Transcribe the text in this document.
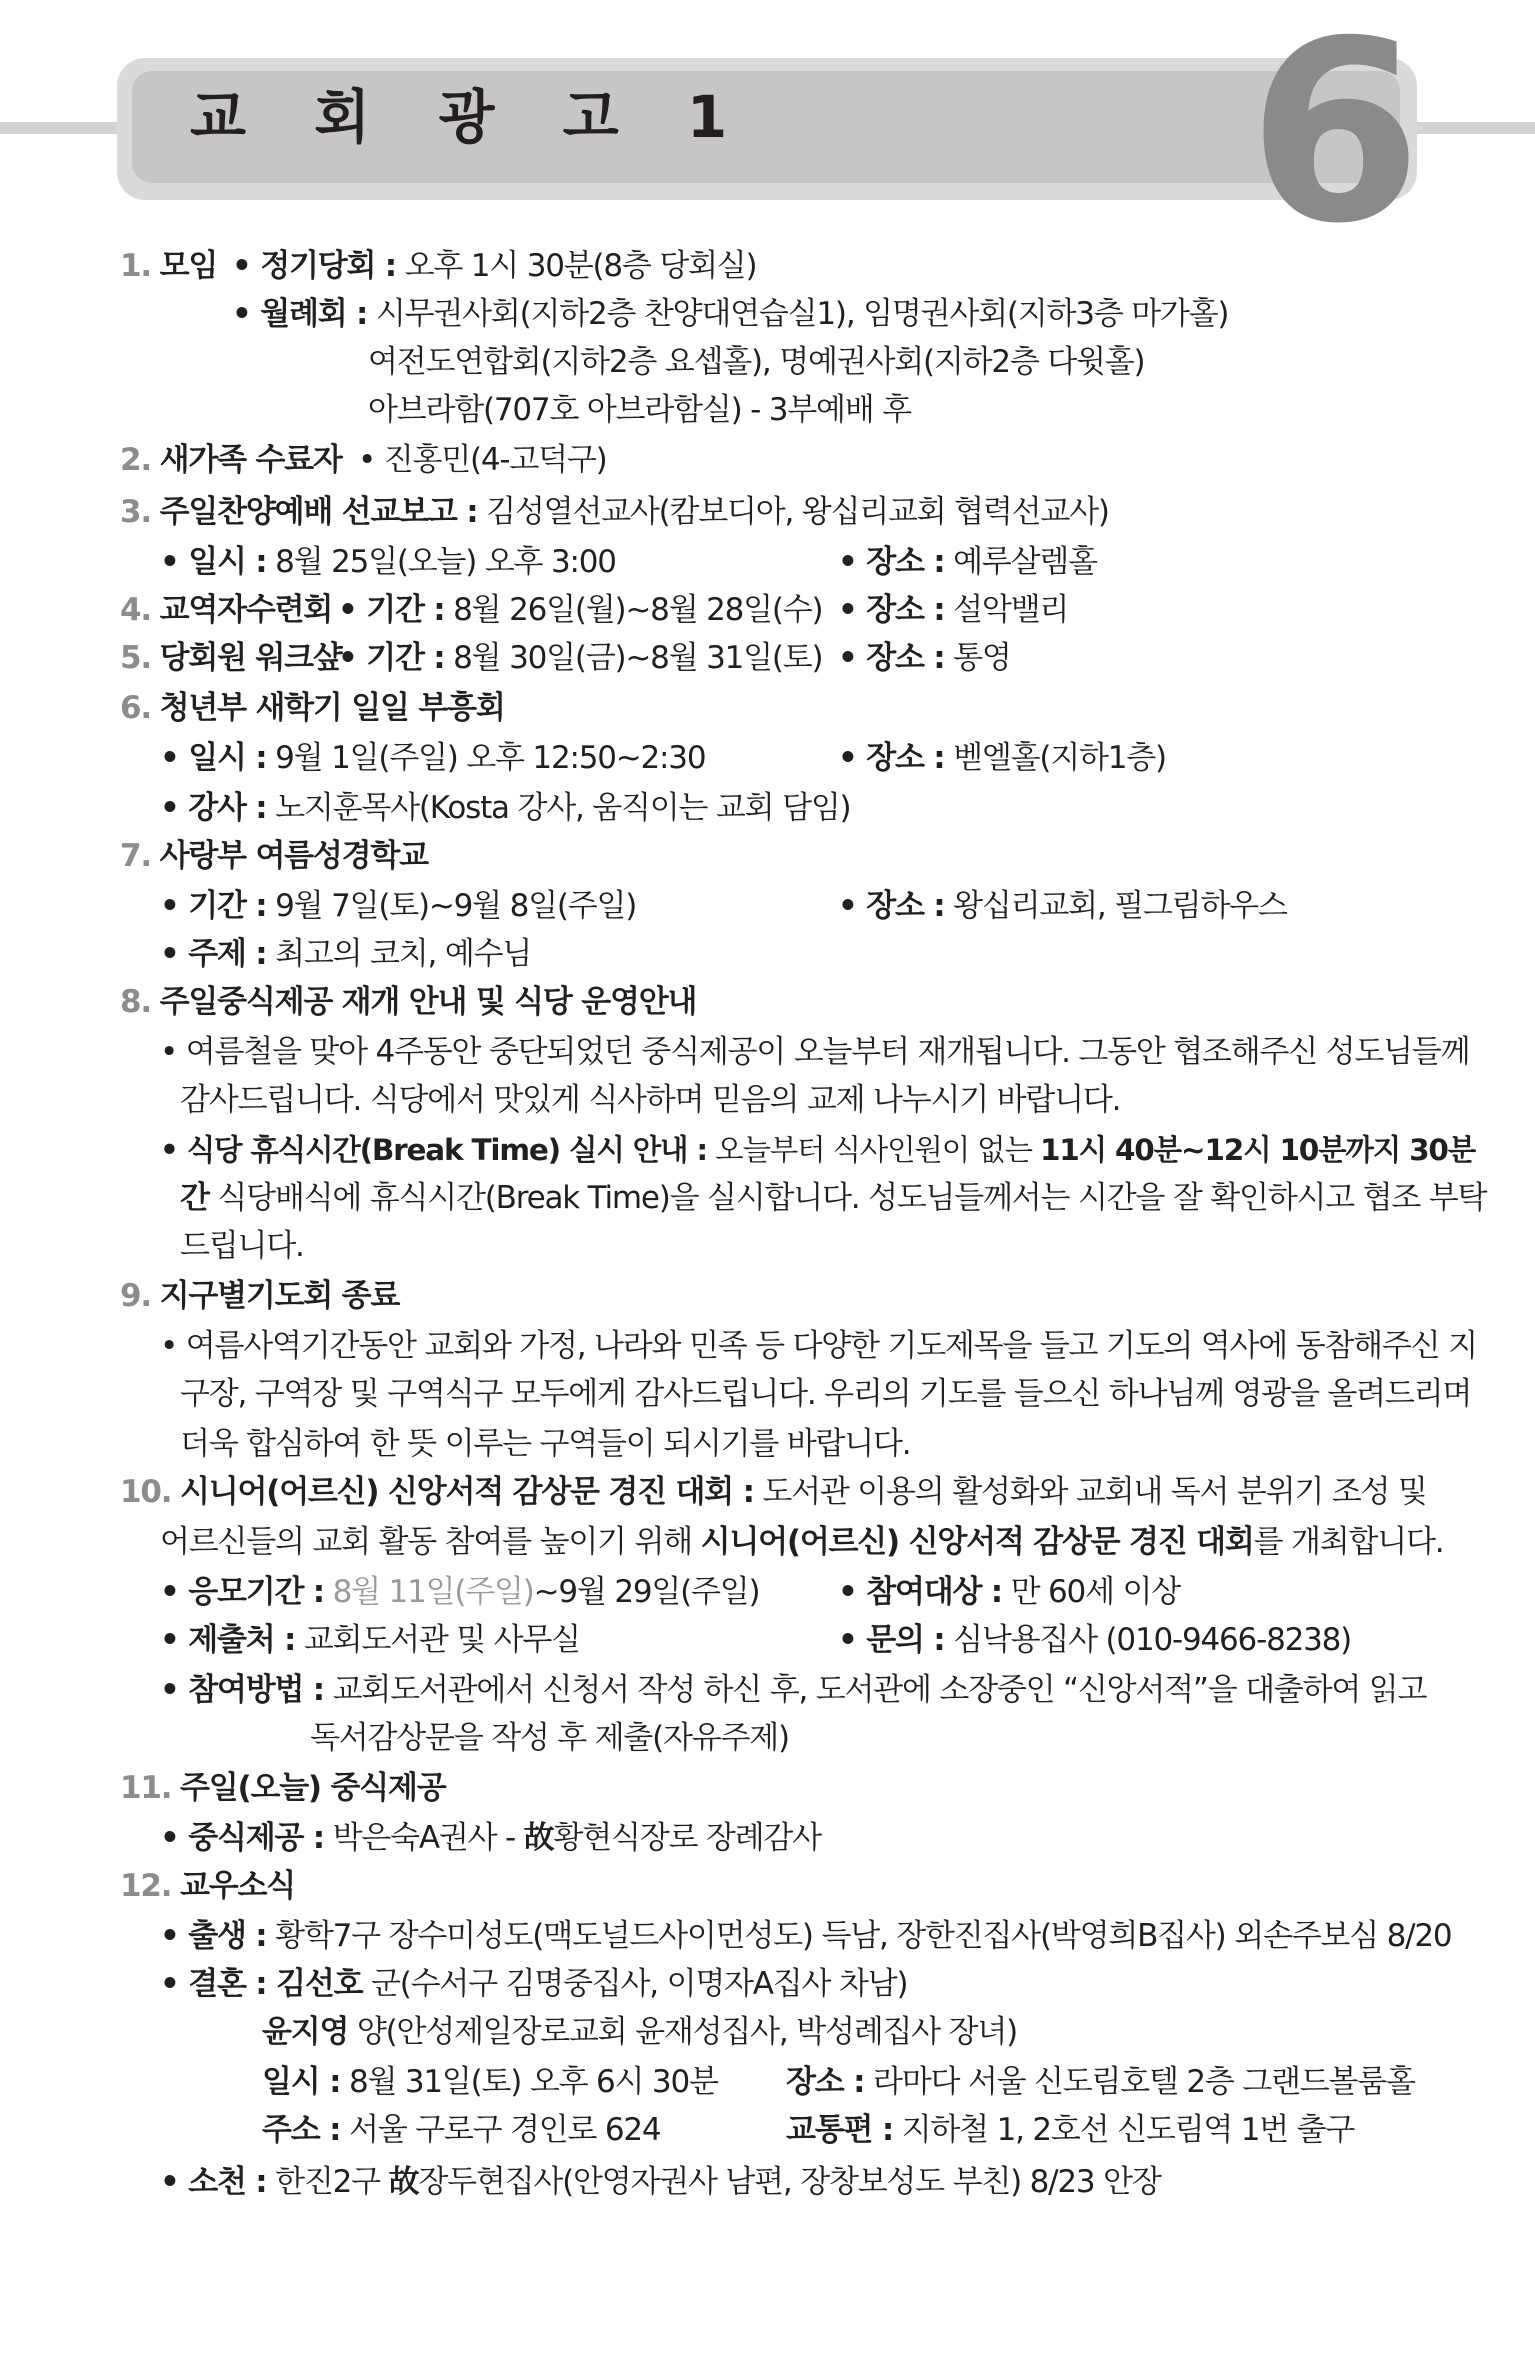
교 회 광 고 1 6
1. 모임 • 정기당회 : 오후 1시 30분(8층 당회실)
• 월례회 : 시무권사회(지하2층 찬양대연습실1), 임명권사회(지하3층 마가홀)
여전도연합회(지하2층 요셉홀), 명예권사회(지하2층 다윗홀)
아브라함(707호 아브라함실) - 3부예배 후
2. 새가족 수료자 • 진홍민(4-고덕구)
3. 주일찬양예배 선교보고 : 김성열선교사(캄보디아, 왕십리교회 협력선교사)
• 일시 : 8월 25일(오늘) 오후 3:00	• 장소 : 예루살렘홀
4. 교역자수련회 • 기간 : 8월 26일(월)~8월 28일(수) • 장소 : 설악밸리
5. 당회원 워크샾
• 기간 : 8월 30일(금)~8월 31일(토) • 장소 : 통영
6. 청년부 새학기 일일 부흥회
• 일시 : 9월 1일(주일) 오후 12:50~2:30	• 장소 : 벧엘홀(지하1층)
• 강사 : 노지훈목사(Kosta 강사, 움직이는 교회 담임)
7. 사랑부 여름성경학교
• 기간 : 9월 7일(토)~9월 8일(주일)	• 장소 : 왕십리교회, 필그림하우스
• 주제 : 최고의 코치, 예수님
8. 주일중식제공 재개 안내 및 식당 운영안내
• 여름철을 맞아 4주동안 중단되었던 중식제공이 오늘부터 재개됩니다. 그동안 협조해주신 성도님들께
감사드립니다. 식당에서 맛있게 식사하며 믿음의 교제 나누시기 바랍니다.
• 식당 휴식시간(Break Time) 실시 안내 : 오늘부터 식사인원이 없는 11시 40분~12시 10분까지 30분
간 식당배식에 휴식시간(Break Time)을 실시합니다. 성도님들께서는 시간을 잘 확인하시고 협조 부탁
드립니다.
9. 지구별기도회 종료
• 여름사역기간동안 교회와 가정, 나라와 민족 등 다양한 기도제목을 들고 기도의 역사에 동참해주신 지
구장, 구역장 및 구역식구 모두에게 감사드립니다. 우리의 기도를 들으신 하나님께 영광을 올려드리며
더욱 합심하여 한 뜻 이루는 구역들이 되시기를 바랍니다.
10. 시니어(어르신) 신앙서적 감상문 경진 대회 : 도서관 이용의 활성화와 교회내 독서 분위기 조성 및
어르신들의 교회 활동 참여를 높이기 위해 시니어(어르신) 신앙서적 감상문 경진 대회를 개최합니다.
• 응모기간 : 8월 11일(주일)~9월 29일(주일)	• 참여대상 : 만 60세 이상
• 제출처 : 교회도서관 및 사무실	• 문의 : 심낙용집사 (010-9466-8238)
• 참여방법 : 교회도서관에서 신청서 작성 하신 후, 도서관에 소장중인 “신앙서적”을 대출하여 읽고
독서감상문을 작성 후 제출(자유주제)
11. 주일(오늘) 중식제공
• 중식제공 : 박은숙A권사 - 故황현식장로 장례감사
12. 교우소식
• 출생 : 황학7구 장수미성도(맥도널드사이먼성도) 득남, 장한진집사(박영희B집사) 외손주보심 8/20
• 결혼 : 김선호 군(수서구 김명중집사, 이명자A집사 차남)
윤지영 양(안성제일장로교회 윤재성집사, 박성례집사 장녀)
일시 : 8월 31일(토) 오후 6시 30분 장소 : 라마다 서울 신도림호텔 2층 그랜드볼룸홀
주소 : 서울 구로구 경인로 624	교통편 : 지하철 1, 2호선 신도림역 1번 출구
• 소천 : 한진2구 故장두현집사(안영자권사 남편, 장창보성도 부친) 8/23 안장
